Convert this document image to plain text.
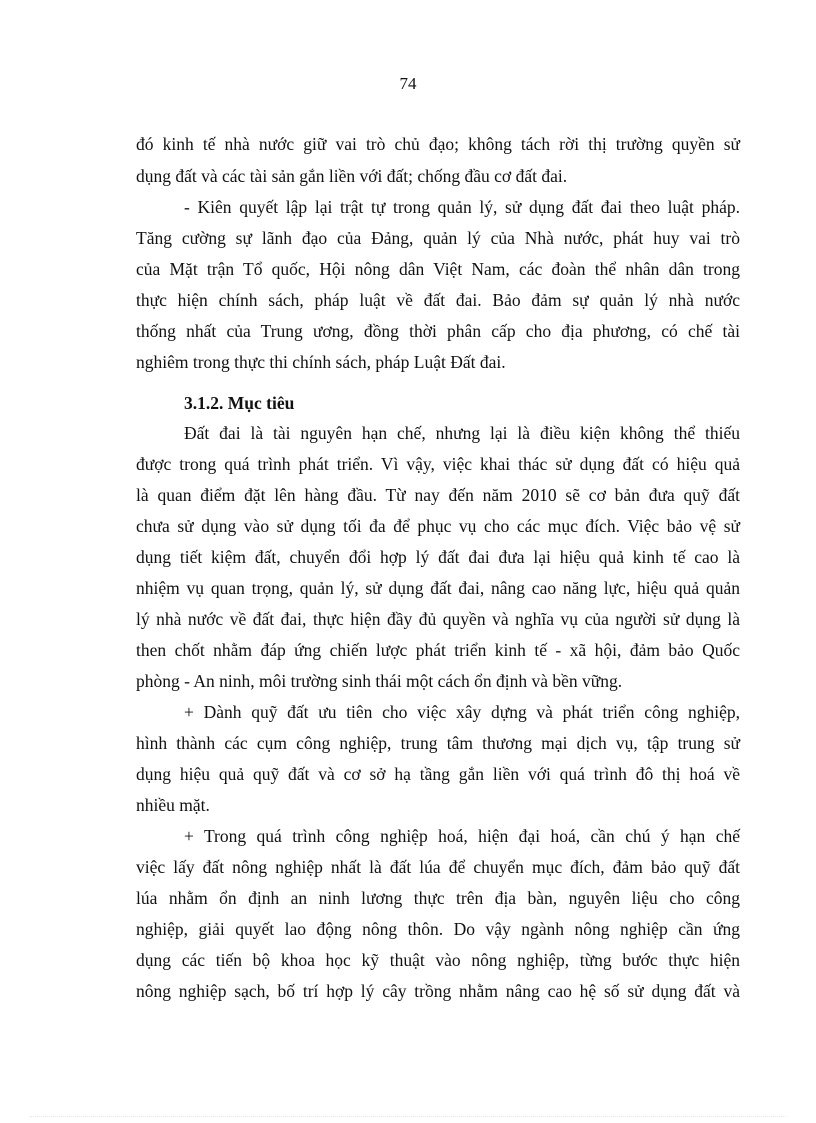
74
đó kinh tế nhà nước giữ vai trò chủ đạo; không tách rời thị trường quyền sử
dụng đất và các tài sản gắn liền với đất; chống đầu cơ đất đai.
- Kiên quyết lập lại trật tự trong quản lý, sử dụng đất đai theo luật pháp.
Tăng cường sự lãnh đạo của Đảng, quản lý của Nhà nước, phát huy vai trò
của Mặt trận Tổ quốc, Hội nông dân Việt Nam, các đoàn thể nhân dân trong
thực hiện chính sách, pháp luật về đất đai. Bảo đảm sự quản lý nhà nước
thống nhất của Trung ương, đồng thời phân cấp cho địa phương, có chế tài
nghiêm trong thực thi chính sách, pháp Luật Đất đai.
3.1.2. Mục tiêu
Đất đai là tài nguyên hạn chế, nhưng lại là điều kiện không thể thiếu
được trong quá trình phát triển. Vì vậy, việc khai thác sử dụng đất có hiệu quả
là quan điểm đặt lên hàng đầu. Từ nay đến năm 2010 sẽ cơ bản đưa quỹ đất
chưa sử dụng vào sử dụng tối đa để phục vụ cho các mục đích. Việc bảo vệ sử
dụng tiết kiệm đất, chuyển đổi hợp lý đất đai đưa lại hiệu quả kinh tế cao là
nhiệm vụ quan trọng, quản lý, sử dụng đất đai, nâng cao năng lực, hiệu quả quản
lý nhà nước về đất đai, thực hiện đầy đủ quyền và nghĩa vụ của người sử dụng là
then chốt nhằm đáp ứng chiến lược phát triển kinh tế - xã hội, đảm bảo Quốc
phòng - An ninh, môi trường sinh thái một cách ổn định và bền vững.
+ Dành quỹ đất ưu tiên cho việc xây dựng và phát triển công nghiệp,
hình thành các cụm công nghiệp, trung tâm thương mại dịch vụ, tập trung sử
dụng hiệu quả quỹ đất và cơ sở hạ tầng gắn liền với quá trình đô thị hoá về
nhiều mặt.
+ Trong quá trình công nghiệp hoá, hiện đại hoá, cần chú ý hạn chế
việc lấy đất nông nghiệp nhất là đất lúa để chuyển mục đích, đảm bảo quỹ đất
lúa nhằm ổn định an ninh lương thực trên địa bàn, nguyên liệu cho công
nghiệp, giải quyết lao động nông thôn. Do vậy ngành nông nghiệp cần ứng
dụng các tiến bộ khoa học kỹ thuật vào nông nghiệp, từng bước thực hiện
nông nghiệp sạch, bố trí hợp lý cây trồng nhằm nâng cao hệ số sử dụng đất và
